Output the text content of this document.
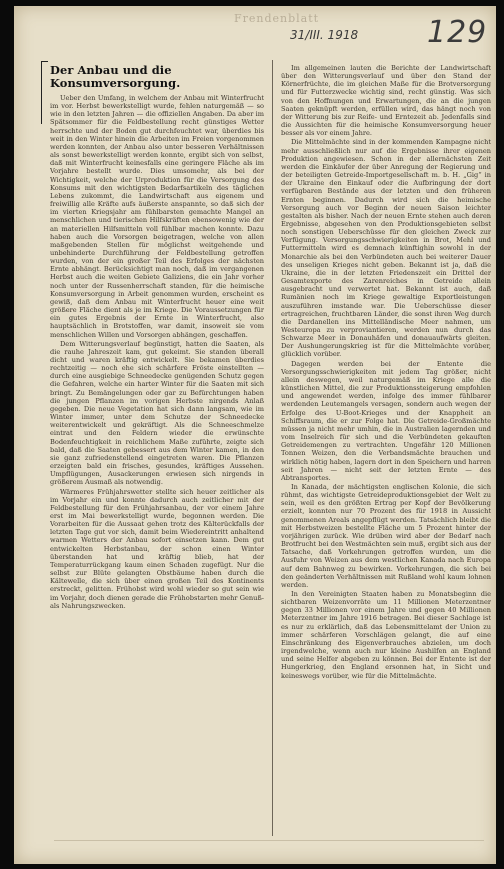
Frendenblatt
31/III. 1918 129
Der Anbau und die Konsumversorgung.

Ueber den Umfang, in welchem der Anbau mit Winterfrucht im vor. Herbst bewerkstelligt wurde, fehlen naturgemäß — so wie in den letzten Jahren — die offiziellen Angaben. Da aber im Spätsommer für die Feldbestellung recht günstiges Wetter herrschte und der Boden gut durchfeuchtet war, überdies bis weit in den Winter hinein die Arbeiten im Freien vorgenommen werden konnten, der Anbau also unter besseren Verhältnissen als sonst bewerkstelligt werden konnte, ergibt sich von selbst, daß mit Winterfrucht keinesfalls eine geringere Fläche als im Vorjahre bestellt wurde. Dies umsomehr, als bei der Wichtigkeit, welche der Urproduktion für die Versorgung des Konsums mit den wichtigsten Bedarfsartikeln des täglichen Lebens zukommt, die Landwirtschaft aus eigenem und freiwillig alle Kräfte aufs äußerste anspannte, so daß sich der im vierten Kriegsjahr am fühlbarsten gemachte Mangel an menschlichen und tierischen Hilfskräften ebensowenig wie der an materiellen Hilfsmitteln voll fühlbar machen konnte. Dazu haben auch die Vorsorgen beigetragen, welche von allen maßgebenden Stellen für möglichst weitgehende und unbehinderte Durchführung der Feldbestellung getroffen wurden, von der ein großer Teil des Erfolges der nächsten Ernte abhängt. Berücksichtigt man noch, daß im vergangenen Herbst auch die weiten Gebiete Galiziens, die ein Jahr vorher noch unter der Russenherrschaft standen, für die heimische Konsumversorgung in Arbeit genommen wurden, erscheint es gewiß, daß dem Anbau mit Winterfrucht heuer eine weit größere Fläche dient als je im Kriege. Die Voraussetzungen für ein gutes Ergebnis der Ernte in Winterfrucht, also hauptsächlich in Brotstoffen, war damit, insoweit sie vom menschlichen Willen und Vorsorgen abhängen, geschaffen.

Dem Witterungsverlauf begünstigt, hatten die Saaten, als die rauhe Jahreszeit kam, gut gekeimt. Sie standen überall dicht und waren kräftig entwickelt. Sie bekamen überdies rechtzeitig — noch ehe sich schärfere Fröste einstellten — durch eine ausgiebige Schneedecke genügenden Schutz gegen die Gefahren, welche ein harter Winter für die Saaten mit sich bringt. Zu Bemängelungen oder gar zu Befürchtungen haben die jungen Pflanzen im vorigen Herbste nirgends Anlaß gegeben. Die neue Vegetation hat sich dann langsam, wie im Winter immer, unter dem Schutze der Schneedecke weiterentwickelt und gekräftigt. Als die Schneeschmelze eintrat und den Feldern wieder die erwünschte Bodenfeuchtigkeit in reichlichem Maße zuführte, zeigte sich bald, daß die Saaten gebessert aus dem Winter kamen, in den sie ganz zufriedenstellend eingetreten waren. Die Pflanzen erzeigten bald ein frisches, gesundes, kräftiges Aussehen. Umpflügungen, Ausackerungen erwiesen sich nirgends in größerem Ausmaß als notwendig.

Wärmeres Frühjahrswetter stellte sich heuer zeitlicher als im Vorjahr ein und konnte dadurch auch zeitlicher mit der Feldbestellung für den Frühjahrsanbau, der vor einem Jahre erst im Mai bewerkstelligt wurde, begonnen werden. Die Vorarbeiten für die Aussaat gehen trotz des Kälterückfalls der letzten Tage gut vor sich, damit beim Wiedereintritt anhaltend warmen Wetters der Anbau sofort einsetzen kann. Dem gut entwickelten Herbstanbau, der schon einen Winter überstanden hat und kräftig blieb, hat der Temperaturrückgang kaum einen Schaden zugefügt. Nur die selbst zur Blüte gelangten Obstbäume haben durch die Kältewelle, die sich über einen großen Teil des Kontinents erstreckt, gelitten. Frühobst wird wohl wieder so gut sein wie im Vorjahr, doch dienen gerade die Frühobstarten mehr Genuß- als Nahrungszwecken.

Im allgemeinen lauten die Berichte der Landwirtschaft über den Witterungsverlauf und über den Stand der Körnerfrüchte, die im gleichen Maße für die Brotversorgung und für Futterzwecke wichtig sind, recht günstig. Was sich von den Hoffnungen und Erwartungen, die an die jungen Saaten geknüpft werden, erfüllen wird, das hängt noch von der Witterung bis zur Reife- und Erntezeit ab. Jedenfalls sind die Aussichten für die heimische Konsumversorgung heuer besser als vor einem Jahre.

Die Mittelmächte sind in der kommenden Kampagne nicht mehr ausschließlich nur auf die Ergebnisse ihrer eigenen Produktion angewiesen. Schon in der allernächsten Zeit werden die Einkäufer der über Anregung der Regierung und der beteiligten Getreide-Importgesellschaft m. b. H. „Gig“ in der Ukraine den Einkauf oder die Aufbringung der dort verfügbaren Bestände aus der letzten und den früheren Ernten beginnen. Dadurch wird sich die heimische Versorgung auch vor Beginn der neuen Saison leichter gestalten als bisher. Nach der neuen Ernte stehen auch deren Ergebnisse, abgesehen von den Produktionsgebieten selbst noch sonstigen Ueberschüsse für den gleichen Zweck zur Verfügung. Versorgungsschwierigkeiten in Brot, Mehl und Futtermitteln wird es demnach künftighin sowohl in der Monarchie als bei den Verbündeten auch bei weiterer Dauer des unseligen Krieges nicht geben. Bekannt ist ja, daß die Ukraine, die in der letzten Friedenszeit ein Drittel der Gesamtexporte des Zarenreiches in Getreide allein ausgebracht und verwertet hat. Bekannt ist auch, daß Rumänien noch im Kriege gewaltige Exportleistungen auszuführen imstande war. Die Ueberschüsse dieser ertragreichen, fruchtbaren Länder, die sonst ihren Weg durch die Dardanellen ins Mittelländische Meer nahmen, um Westeuropa zu verproviantieren, werden nun durch das Schwarze Meer in Donauhäfen und donauaufwärts gleiten. Der Aushungerungskrieg ist für die Mittelmächte vorüber, glücklich vorüber.

Dagegen werden bei der Entente die Versorgungsschwierigkeiten mit jedem Tag größer, nicht allein deswegen, weil naturgemäß im Kriege alle die künstlichen Mittel, die zur Produktionssteigerung empfohlen und angewendet werden, infolge des immer fühlbarer werdenden Leutemangels versagen, sondern auch wegen der Erfolge des U-Boot-Krieges und der Knappheit an Schiffsraum, die er zur Folge hat. Die Getreide-Großmächte müssen ja nicht mehr umhin, die in Australien lagernden und vom Inselreich für sich und die Verbündeten gekauften Getreidemengen zu vertrachten. Ungefähr 120 Millionen Tonnen Weizen, den die Verbandsmächte brauchen und wirklich nötig haben, lagern dort in den Speichern und harren seit Jahren — nicht seit der letzten Ernte — des Abtransportes.

In Kanada, der mächtigsten englischen Kolonie, die sich rühmt, das wichtigste Getreideproduktionsgebiet der Welt zu sein, weil es den größten Ertrag per Kopf der Bevölkerung erzielt, konnten nur 70 Prozent des für 1918 in Aussicht genommenen Areals angepflügt werden. Tatsächlich bleibt die mit Herbstweizen bestellte Fläche um 5 Prozent hinter der vorjährigen zurück. Wie drüben wird aber der Bedarf nach Brotfrucht bei den Westmächten sein muß, ergibt sich aus der Tatsache, daß Vorkehrungen getroffen wurden, um die Ausfuhr von Weizen aus dem westlichen Kanada nach Europa auf dem Bahnweg zu bewirken. Vorkehrungen, die sich bei den geänderten Verhältnissen mit Rußland wohl kaum lohnen werden.

In den Vereinigten Staaten haben zu Monatsbeginn die sichtbaren Weizenvorräte um 11 Millionen Meterzentner gegen 33 Millionen vor einem Jahre und gegen 40 Millionen Meterzentner im Jahre 1916 betragen. Bei dieser Sachlage ist es nur zu erklärlich, daß das Lebensmittelamt der Union zu immer schärferen Vorschlägen gelangt, die auf eine Einschränkung des Eigenverbrauches abzielen, um doch irgendwelche, wenn auch nur kleine Aushilfen an England und seine Helfer abgeben zu können. Bei der Entente ist der Hungerkrieg, den England ersonnen hat, in Sicht und keineswegs vorüber, wie für die Mittelmächte.
